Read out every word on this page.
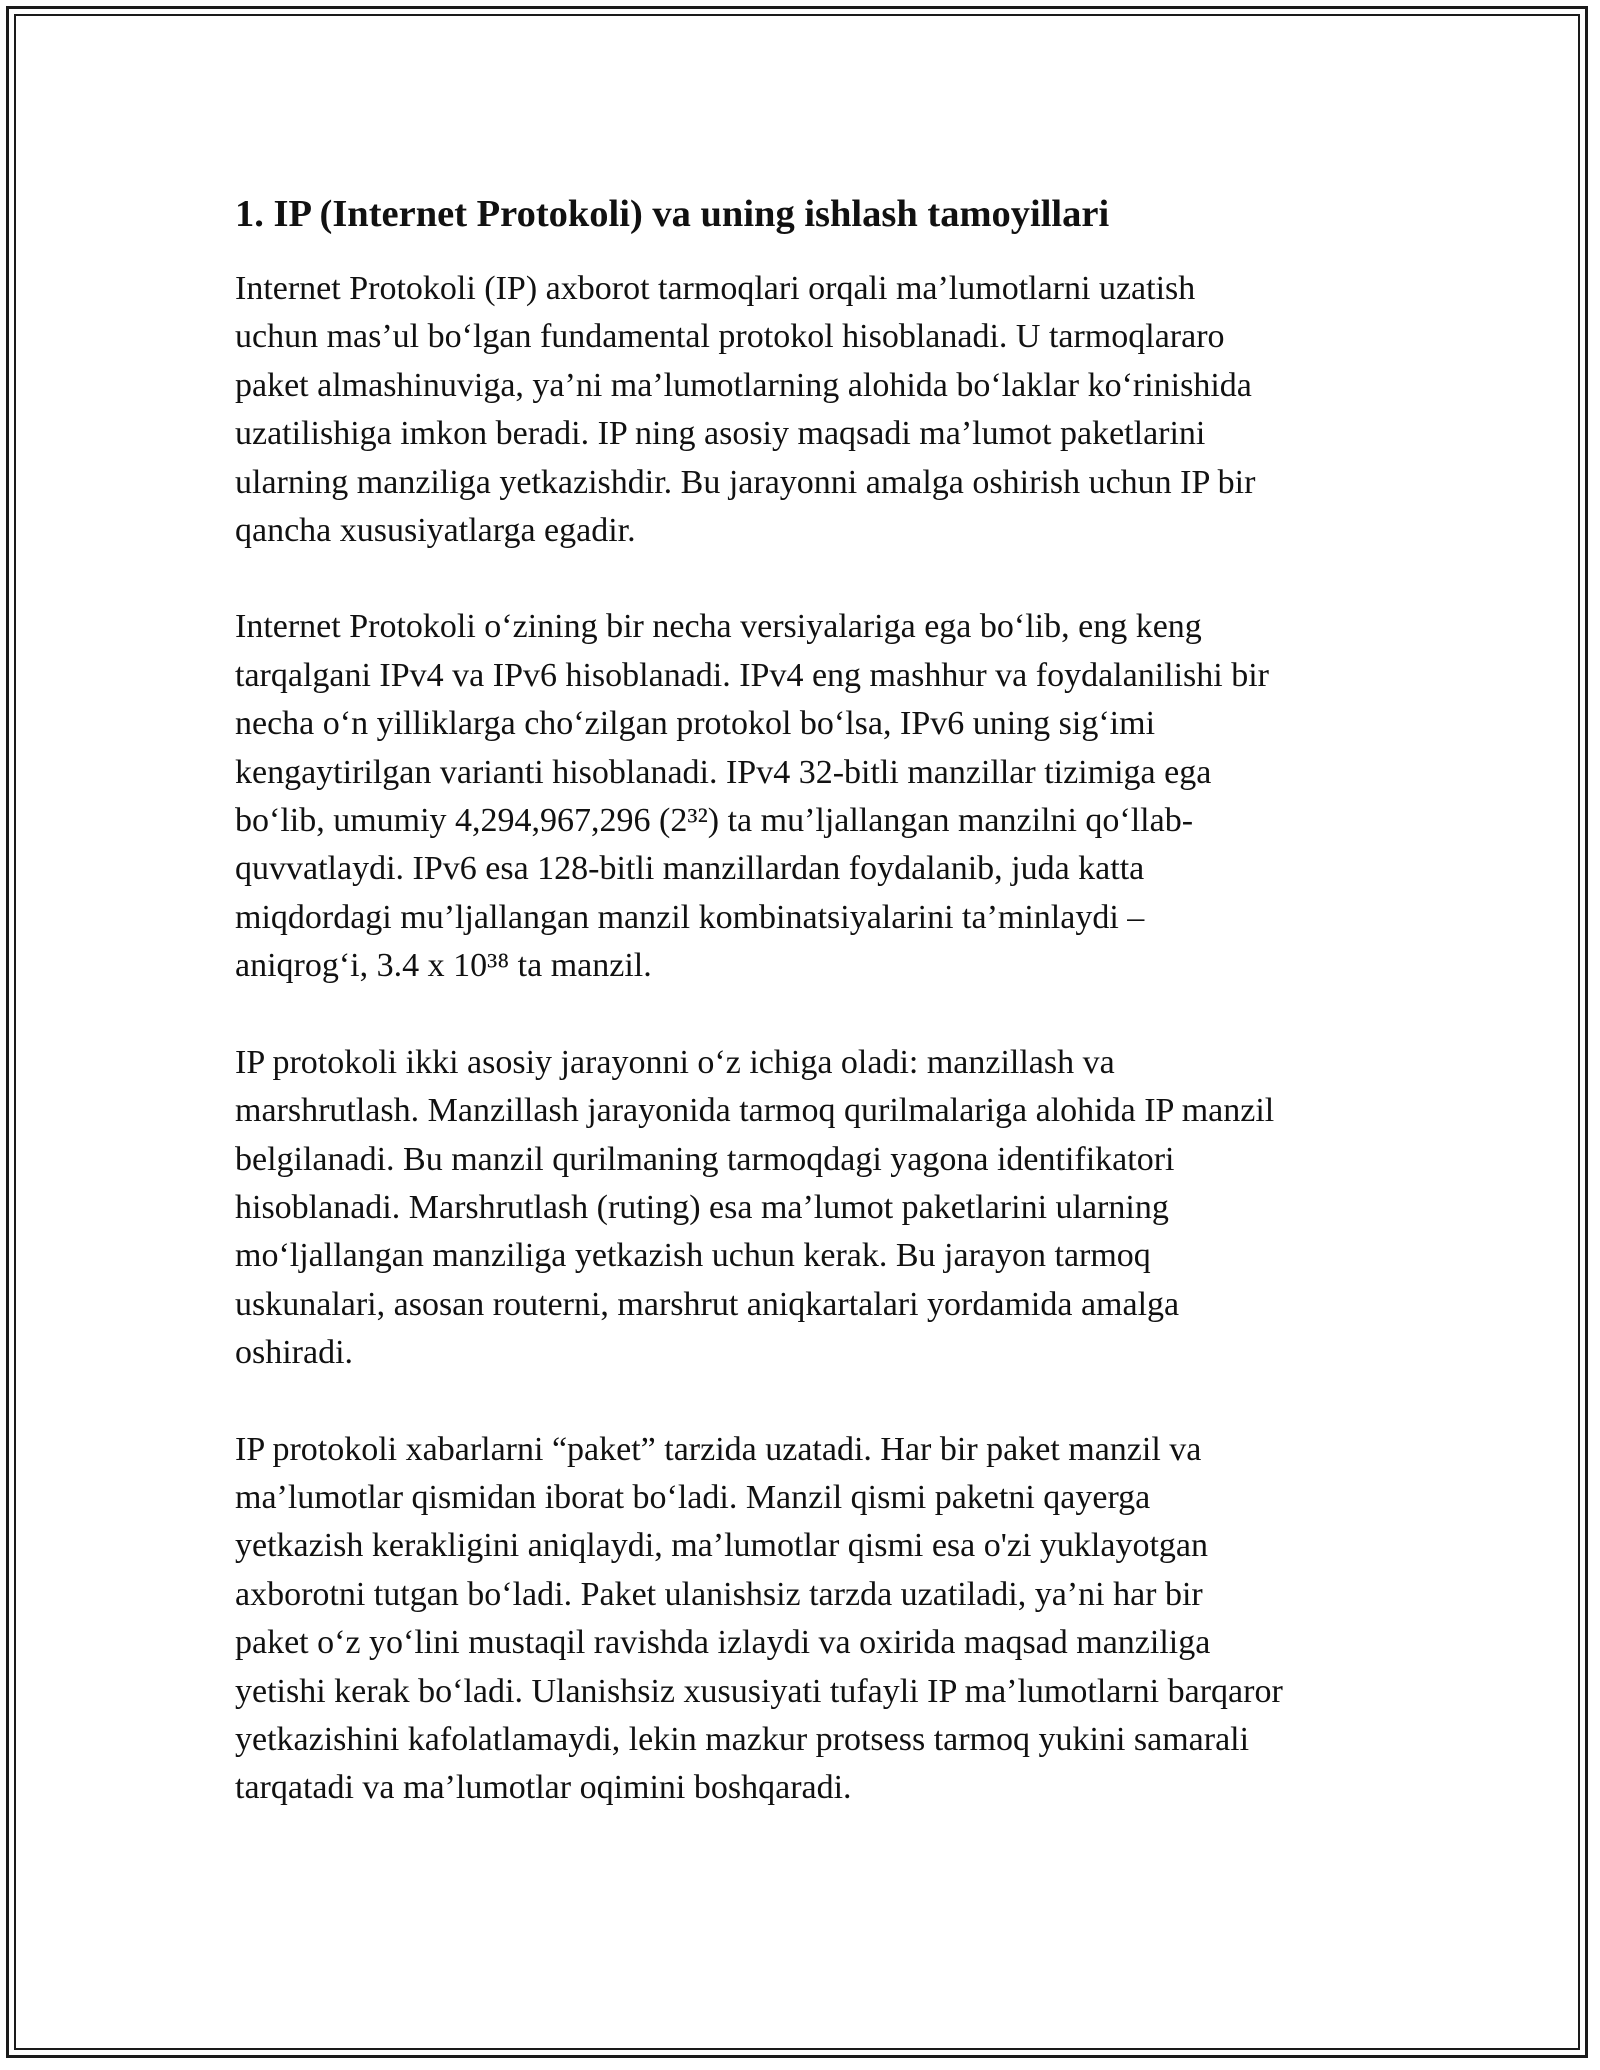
1. IP (Internet Protokoli) va uning ishlash tamoyillari

Internet Protokoli (IP) axborot tarmoqlari orqali ma’lumotlarni uzatish
uchun mas’ul bo‘lgan fundamental protokol hisoblanadi. U tarmoqlararo
paket almashinuviga, ya’ni ma’lumotlarning alohida bo‘laklar ko‘rinishida
uzatilishiga imkon beradi. IP ning asosiy maqsadi ma’lumot paketlarini
ularning manziliga yetkazishdir. Bu jarayonni amalga oshirish uchun IP bir
qancha xususiyatlarga egadir.

Internet Protokoli o‘zining bir necha versiyalariga ega bo‘lib, eng keng
tarqalgani IPv4 va IPv6 hisoblanadi. IPv4 eng mashhur va foydalanilishi bir
necha o‘n yilliklarga cho‘zilgan protokol bo‘lsa, IPv6 uning sig‘imi
kengaytirilgan varianti hisoblanadi. IPv4 32-bitli manzillar tizimiga ega
bo‘lib, umumiy 4,294,967,296 (2³²) ta mu’ljallangan manzilni qo‘llab-
quvvatlaydi. IPv6 esa 128-bitli manzillardan foydalanib, juda katta
miqdordagi mu’ljallangan manzil kombinatsiyalarini ta’minlaydi –
aniqrog‘i, 3.4 x 10³⁸ ta manzil.

IP protokoli ikki asosiy jarayonni o‘z ichiga oladi: manzillash va
marshrutlash. Manzillash jarayonida tarmoq qurilmalariga alohida IP manzil
belgilanadi. Bu manzil qurilmaning tarmoqdagi yagona identifikatori
hisoblanadi. Marshrutlash (ruting) esa ma’lumot paketlarini ularning
mo‘ljallangan manziliga yetkazish uchun kerak. Bu jarayon tarmoq
uskunalari, asosan routerni, marshrut aniqkartalari yordamida amalga
oshiradi.

IP protokoli xabarlarni “paket” tarzida uzatadi. Har bir paket manzil va
ma’lumotlar qismidan iborat bo‘ladi. Manzil qismi paketni qayerga
yetkazish kerakligini aniqlaydi, ma’lumotlar qismi esa o'zi yuklayotgan
axborotni tutgan bo‘ladi. Paket ulanishsiz tarzda uzatiladi, ya’ni har bir
paket o‘z yo‘lini mustaqil ravishda izlaydi va oxirida maqsad manziliga
yetishi kerak bo‘ladi. Ulanishsiz xususiyati tufayli IP ma’lumotlarni barqaror
yetkazishini kafolatlamaydi, lekin mazkur protsess tarmoq yukini samarali
tarqatadi va ma’lumotlar oqimini boshqaradi.
